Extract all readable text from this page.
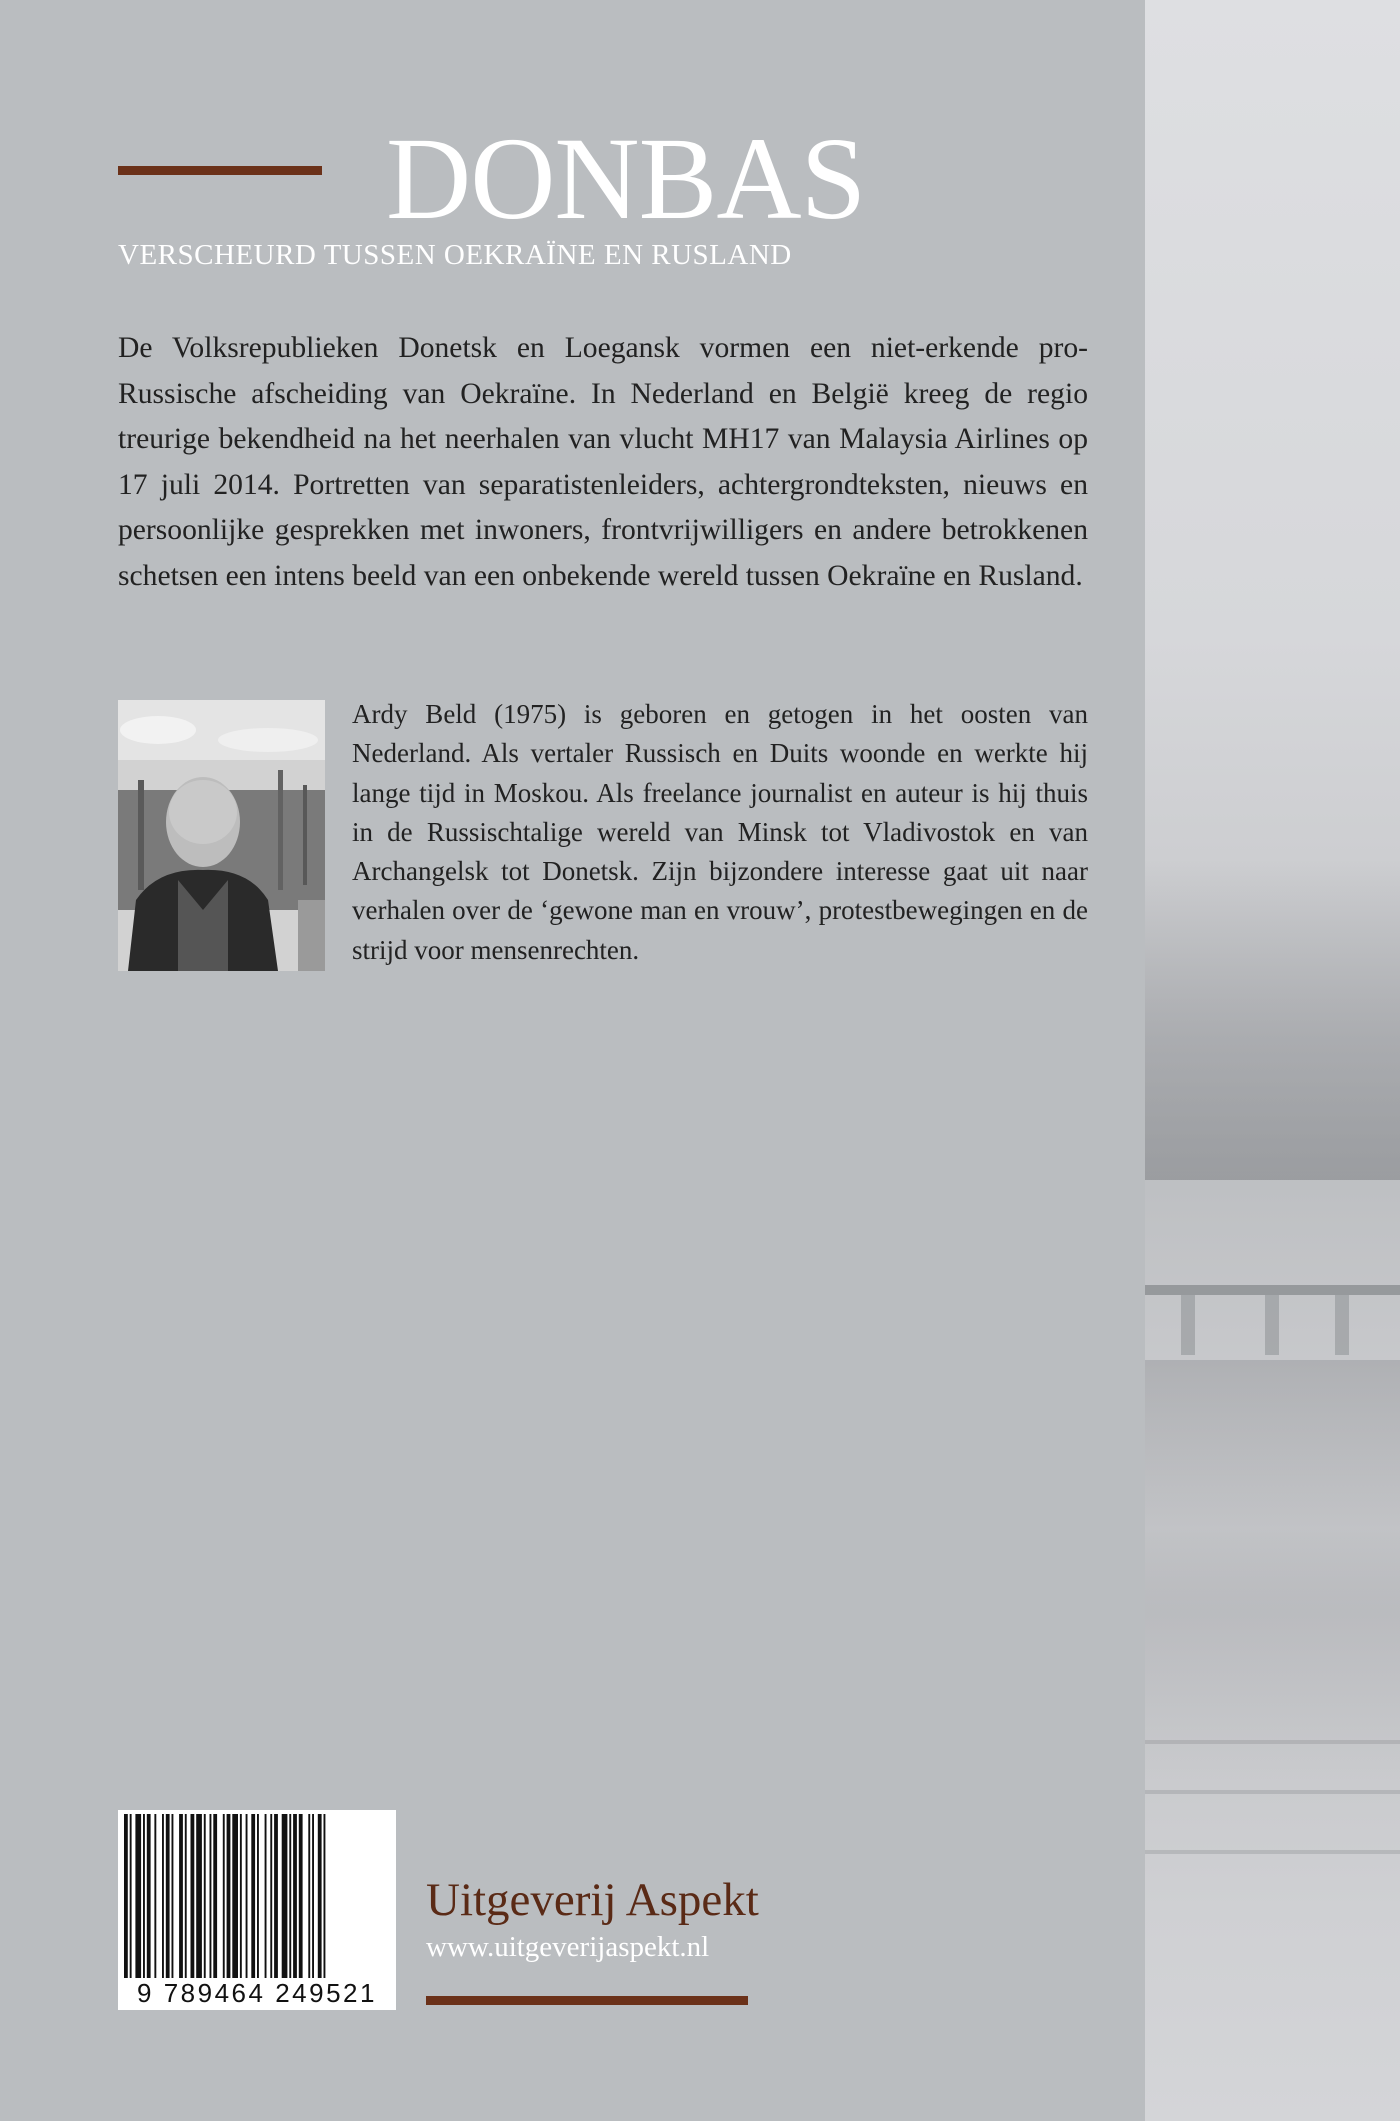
DONBAS

VERSCHEURD TUSSEN OEKRAÏNE EN RUSLAND

De Volksrepublieken Donetsk en Loegansk vormen een niet-erkende pro-Russische afscheiding van Oekraïne. In Nederland en België kreeg de regio treurige bekendheid na het neerhalen van vlucht MH17 van Malaysia Airlines op 17 juli 2014. Portretten van separatistenleiders, achtergrondteksten, nieuws en persoonlijke gesprekken met inwoners, frontvrijwilligers en andere betrokkenen schetsen een intens beeld van een onbekende wereld tussen Oekraïne en Rusland.

Ardy Beld (1975) is geboren en getogen in het oosten van Nederland. Als vertaler Russisch en Duits woonde en werkte hij lange tijd in Moskou. Als freelance journalist en auteur is hij thuis in de Russischtalige wereld van Minsk tot Vladivostok en van Archangelsk tot Donetsk. Zijn bijzondere interesse gaat uit naar verhalen over de ‘gewone man en vrouw’, protestbewegingen en de strijd voor mensenrechten.

9 789464 249521

Uitgeverij Aspekt

www.uitgeverijaspekt.nl
